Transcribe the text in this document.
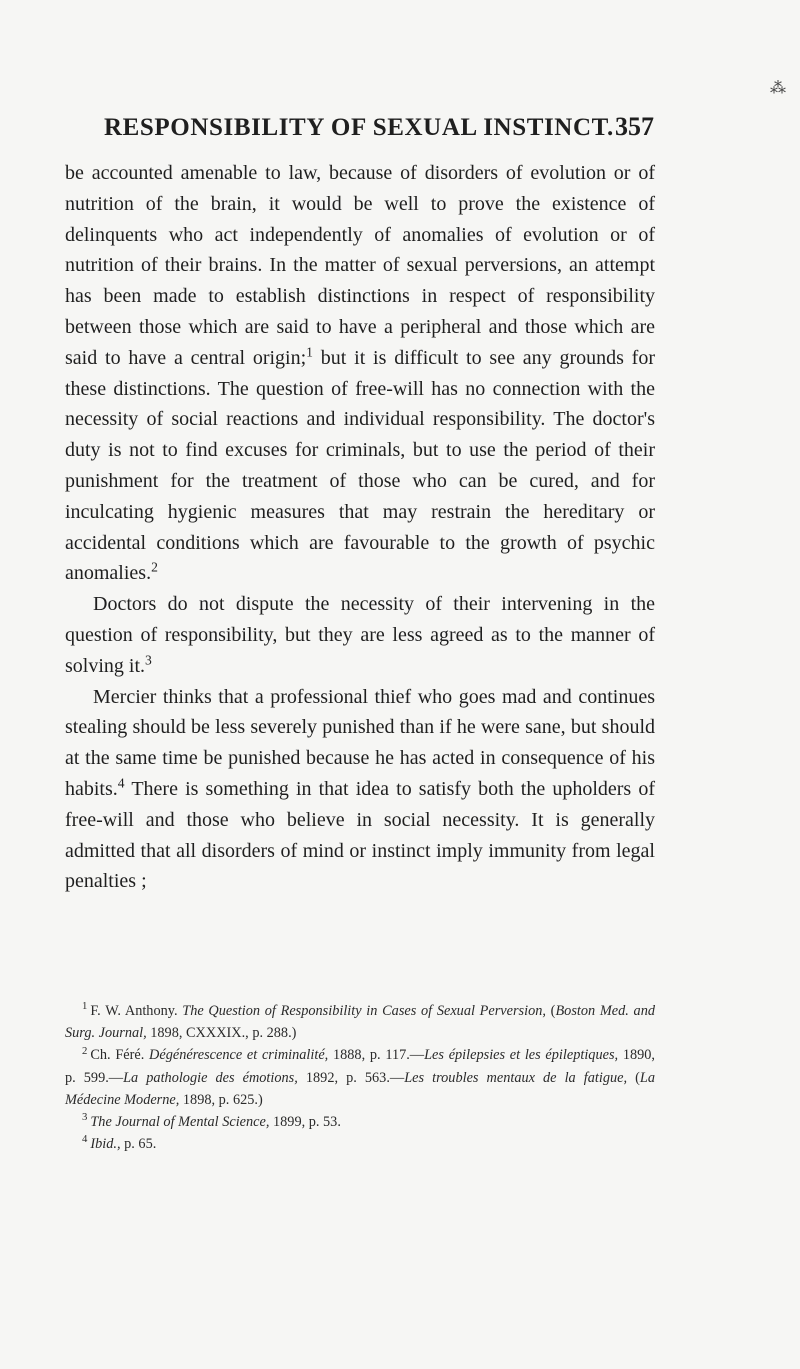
⁂
RESPONSIBILITY OF SEXUAL INSTINCT. 357

be accounted amenable to law, because of disorders of evolution or of nutrition of the brain, it would be well to prove the existence of delinquents who act independently of anomalies of evolution or of nutrition of their brains. In the matter of sexual perversions, an attempt has been made to establish distinctions in respect of responsibility between those which are said to have a peripheral and those which are said to have a central origin;$^1$ but it is difficult to see any grounds for these distinctions. The question of free-will has no connection with the necessity of social reactions and individual responsibility. The doctor's duty is not to find excuses for criminals, but to use the period of their punishment for the treatment of those who can be cured, and for inculcating hygienic measures that may restrain the hereditary or accidental conditions which are favourable to the growth of psychic anomalies.$^2$

Doctors do not dispute the necessity of their intervening in the question of responsibility, but they are less agreed as to the manner of solving it.$^3$

Mercier thinks that a professional thief who goes mad and continues stealing should be less severely punished than if he were sane, but should at the same time be punished because he has acted in consequence of his habits.$^4$ There is something in that idea to satisfy both the upholders of free-will and those who believe in social necessity. It is generally admitted that all disorders of mind or instinct imply immunity from legal penalties ;

$^1$ F. W. Anthony. The Question of Responsibility in Cases of Sexual Perversion, (Boston Med. and Surg. Journal, 1898, CXXXIX., p. 288.)

$^2$ Ch. Féré. Dégénérescence et criminalité, 1888, p. 117.—Les épilepsies et les épileptiques, 1890, p. 599.—La pathologie des émotions, 1892, p. 563.—Les troubles mentaux de la fatigue, (La Médecine Moderne, 1898, p. 625.)

$^3$ The Journal of Mental Science, 1899, p. 53.

$^4$ Ibid., p. 65.
